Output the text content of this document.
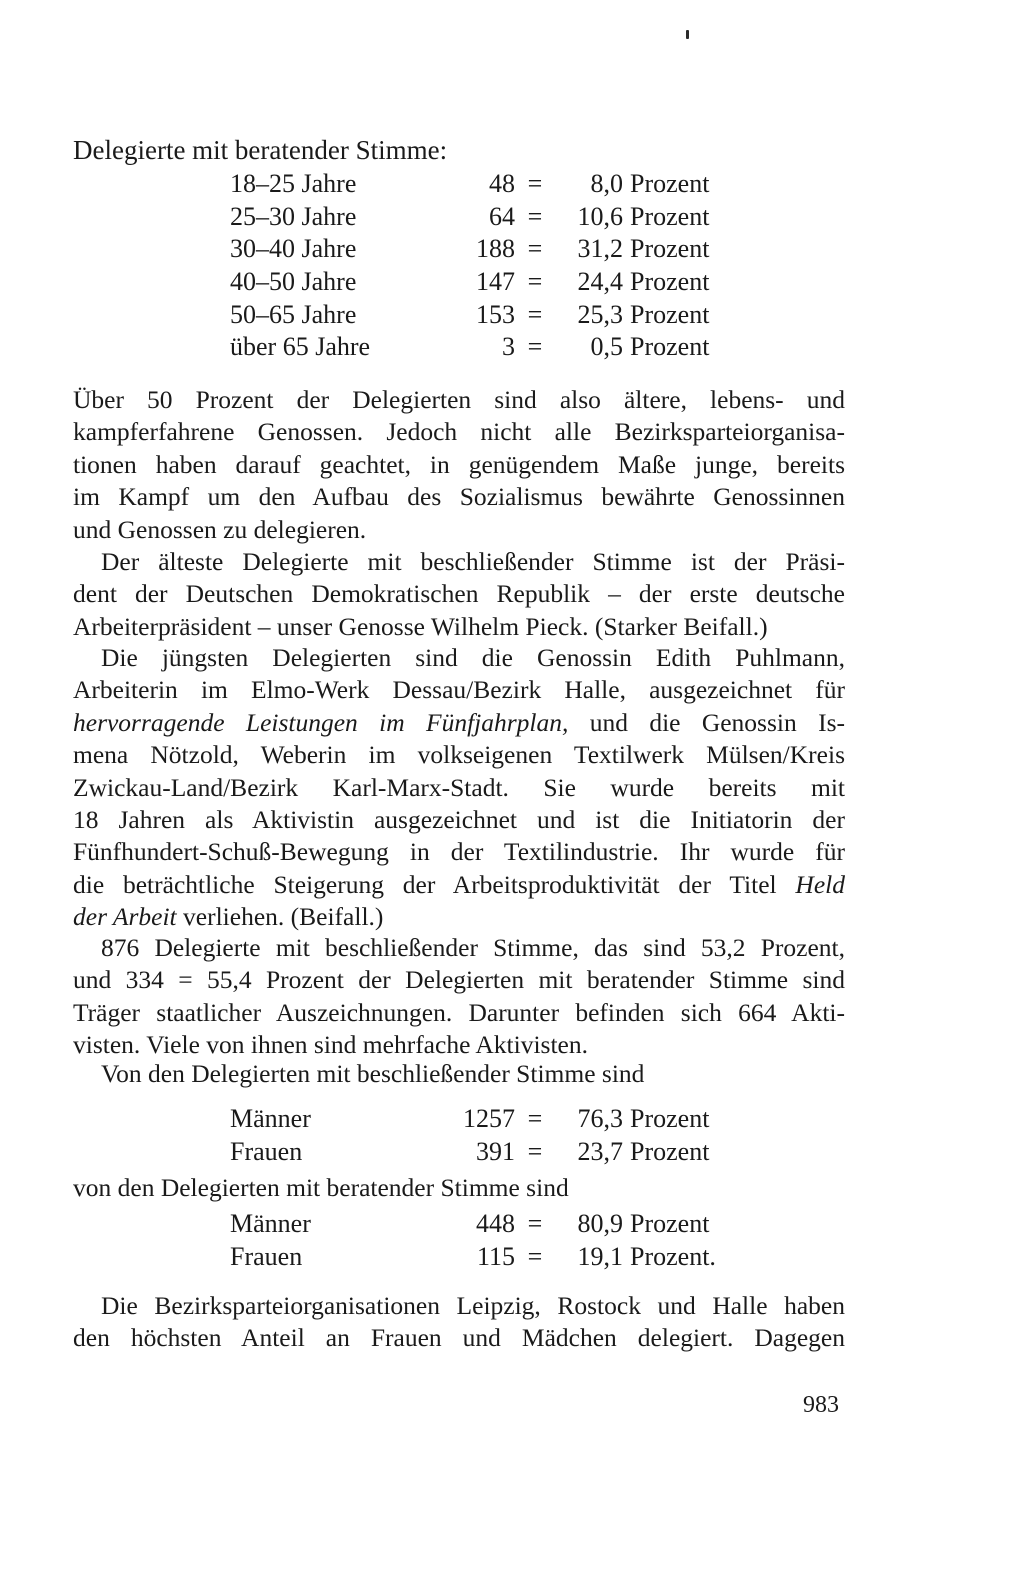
Delegierte mit beratender Stimme:
18–25 Jahre	48	=	8,0	Prozent
25–30 Jahre	64	=	10,6	Prozent
30–40 Jahre	188	=	31,2	Prozent
40–50 Jahre	147	=	24,4	Prozent
50–65 Jahre	153	=	25,3	Prozent
über 65 Jahre	3	=	0,5	Prozent

Über 50 Prozent der Delegierten sind also ältere, lebens- und
kampferfahrene Genossen. Jedoch nicht alle Bezirksparteiorganisa-
tionen haben darauf geachtet, in genügendem Maße junge, bereits
im Kampf um den Aufbau des Sozialismus bewährte Genossinnen
und Genossen zu delegieren.

Der älteste Delegierte mit beschließender Stimme ist der Präsi-
dent der Deutschen Demokratischen Republik – der erste deutsche
Arbeiterpräsident – unser Genosse Wilhelm Pieck. (Starker Beifall.)

Die jüngsten Delegierten sind die Genossin Edith Puhlmann,
Arbeiterin im Elmo-Werk Dessau/Bezirk Halle, ausgezeichnet für
hervorragende Leistungen im Fünfjahrplan, und die Genossin Is-
mena Nötzold, Weberin im volkseigenen Textilwerk Mülsen/Kreis
Zwickau-Land/Bezirk Karl-Marx-Stadt. Sie wurde bereits mit
18 Jahren als Aktivistin ausgezeichnet und ist die Initiatorin der
Fünfhundert-Schuß-Bewegung in der Textilindustrie. Ihr wurde für
die beträchtliche Steigerung der Arbeitsproduktivität der Titel Held
der Arbeit verliehen. (Beifall.)

876 Delegierte mit beschließender Stimme, das sind 53,2 Prozent,
und 334 = 55,4 Prozent der Delegierten mit beratender Stimme sind
Träger staatlicher Auszeichnungen. Darunter befinden sich 664 Akti-
visten. Viele von ihnen sind mehrfache Aktivisten.

Von den Delegierten mit beschließender Stimme sind

Männer	1257	=	76,3	Prozent
Frauen	391	=	23,7	Prozent

von den Delegierten mit beratender Stimme sind

Männer	448	=	80,9	Prozent
Frauen	115	=	19,1	Prozent.

Die Bezirksparteiorganisationen Leipzig, Rostock und Halle haben
den höchsten Anteil an Frauen und Mädchen delegiert. Dagegen

983
